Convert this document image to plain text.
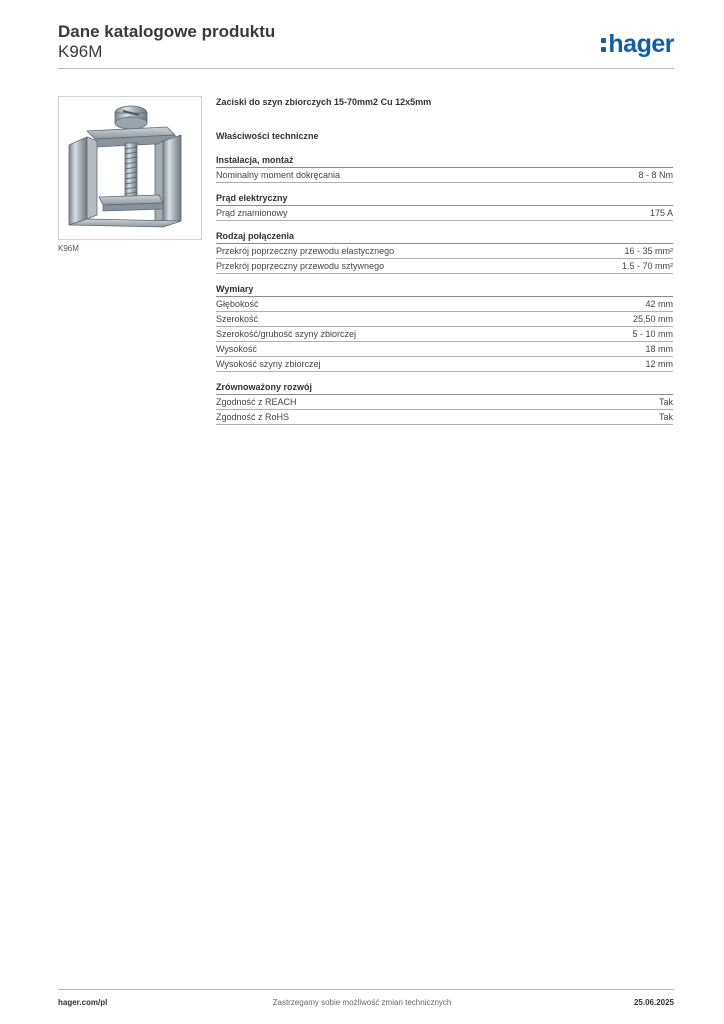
Dane katalogowe produktu
K96M	hager
K96M
Zaciski do szyn zbiorczych 15-70mm2 Cu 12x5mm
Właściwości techniczne
Instalacja, montaż
Nominalny moment dokręcania	8 - 8 Nm
Prąd elektryczny
Prąd znamionowy	175 A
Rodzaj połączenia
Przekrój poprzeczny przewodu elastycznego	16 - 35 mm²
Przekrój poprzeczny przewodu sztywnego	1.5 - 70 mm²
Wymiary
Głębokość	42 mm
Szerokość	25,50 mm
Szerokość/grubość szyny zbiorczej	5 - 10 mm
Wysokość	18 mm
Wysokość szyny zbiorczej	12 mm
Zrównoważony rozwój
Zgodność z REACH	Tak
Zgodność z RoHS	Tak
hager.com/pl	Zastrzegamy sobie możliwość zmian technicznych	25.06.2025
